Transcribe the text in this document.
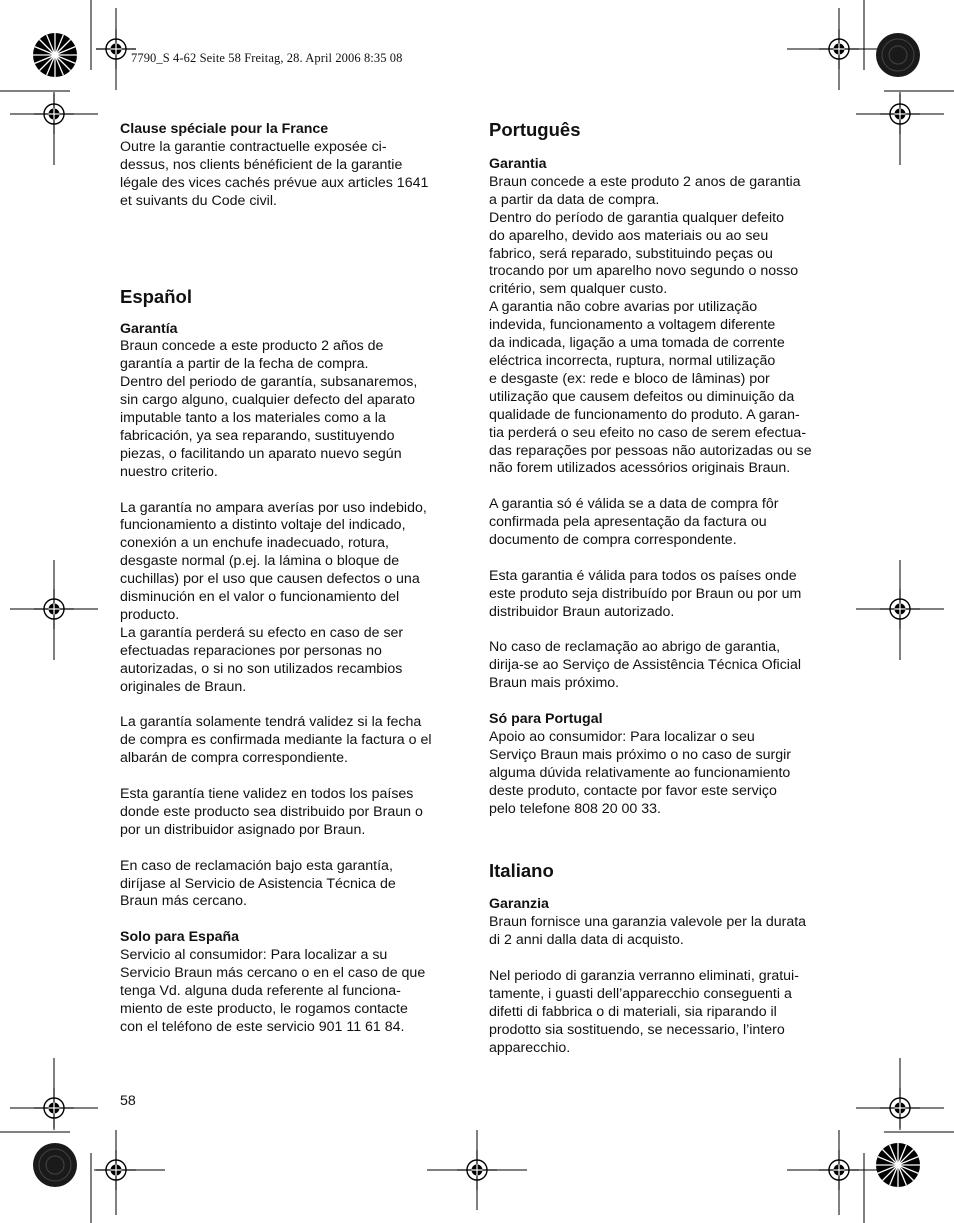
7790_S 4-62 Seite 58 Freitag, 28. April 2006 8:35 08

Clause spéciale pour la France

Outre la garantie contractuelle exposée ci-
dessus, nos clients bénéficient de la garantie
légale des vices cachés prévue aux articles 1641
et suivants du Code civil.

Español

Garantía

Braun concede a este producto 2 años de
garantía a partir de la fecha de compra.
Dentro del periodo de garantía, subsanaremos,
sin cargo alguno, cualquier defecto del aparato
imputable tanto a los materiales como a la
fabricación, ya sea reparando, sustituyendo
piezas, o facilitando un aparato nuevo según
nuestro criterio.

La garantía no ampara averías por uso indebido,
funcionamiento a distinto voltaje del indicado,
conexión a un enchufe inadecuado, rotura,
desgaste normal (p.ej. la lámina o bloque de
cuchillas) por el uso que causen defectos o una
disminución en el valor o funcionamiento del
producto.
La garantía perderá su efecto en caso de ser
efectuadas reparaciones por personas no
autorizadas, o si no son utilizados recambios
originales de Braun.

La garantía solamente tendrá validez si la fecha
de compra es confirmada mediante la factura o el
albarán de compra correspondiente.

Esta garantía tiene validez en todos los países
donde este producto sea distribuido por Braun o
por un distribuidor asignado por Braun.

En caso de reclamación bajo esta garantía,
diríjase al Servicio de Asistencia Técnica de
Braun más cercano.

Solo para España

Servicio al consumidor: Para localizar a su
Servicio Braun más cercano o en el caso de que
tenga Vd. alguna duda referente al funciona-
miento de este producto, le rogamos contacte
con el teléfono de este servicio 901 11 61 84.

Português

Garantia

Braun concede a este produto 2 anos de garantia
a partir da data de compra.
Dentro do período de garantia qualquer defeito
do aparelho, devido aos materiais ou ao seu
fabrico, será reparado, substituindo peças ou
trocando por um aparelho novo segundo o nosso
critério, sem qualquer custo.
A garantia não cobre avarias por utilização
indevida, funcionamento a voltagem diferente
da indicada, ligação a uma tomada de corrente
eléctrica incorrecta, ruptura, normal utilização
e desgaste (ex: rede e bloco de lâminas) por
utilização que causem defeitos ou diminuição da
qualidade de funcionamento do produto. A garan-
tia perderá o seu efeito no caso de serem efectua-
das reparações por pessoas não autorizadas ou se
não forem utilizados acessórios originais Braun.

A garantia só é válida se a data de compra fôr
confirmada pela apresentação da factura ou
documento de compra correspondente.

Esta garantia é válida para todos os países onde
este produto seja distribuído por Braun ou por um
distribuidor Braun autorizado.

No caso de reclamação ao abrigo de garantia,
dirija-se ao Serviço de Assistência Técnica Oficial
Braun mais próximo.

Só para Portugal

Apoio ao consumidor: Para localizar o seu
Serviço Braun mais próximo o no caso de surgir
alguma dúvida relativamente ao funcionamiento
deste produto, contacte por favor este serviço
pelo telefone 808 20 00 33.

Italiano

Garanzia

Braun fornisce una garanzia valevole per la durata
di 2 anni dalla data di acquisto.

Nel periodo di garanzia verranno eliminati, gratui-
tamente, i guasti dell’apparecchio conseguenti a
difetti di fabbrica o di materiali, sia riparando il
prodotto sia sostituendo, se necessario, l’intero
apparecchio.

58
